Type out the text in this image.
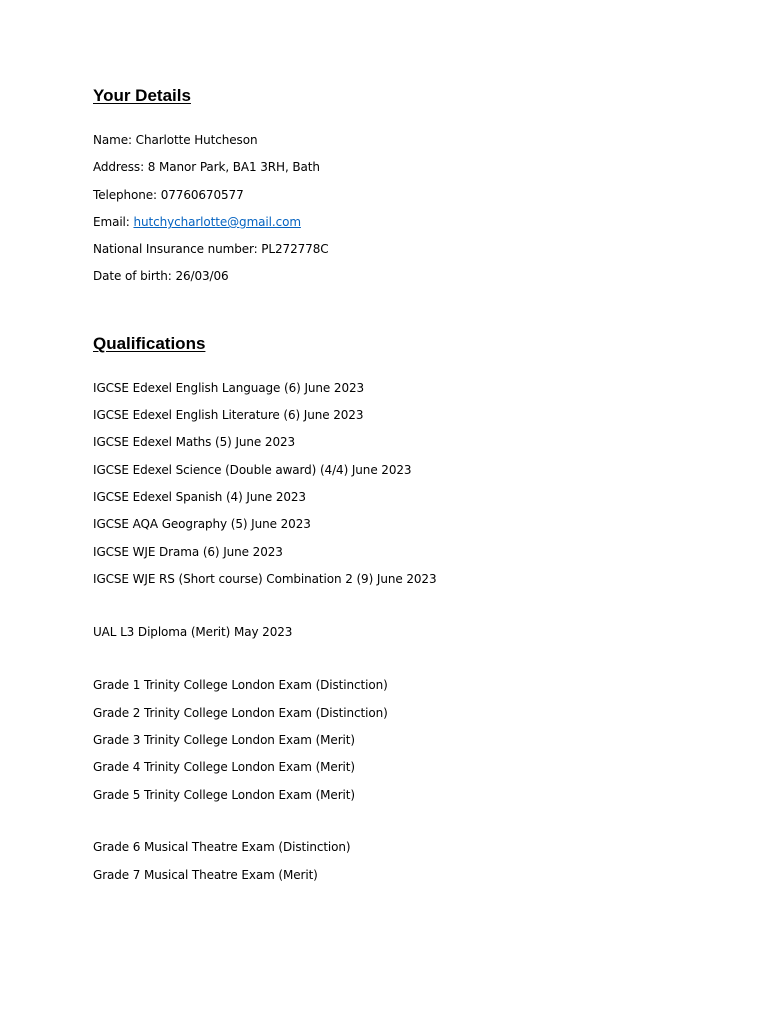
Your Details

Name: Charlotte Hutcheson

Address: 8 Manor Park, BA1 3RH, Bath

Telephone: 07760670577

Email: hutchycharlotte@gmail.com

National Insurance number: PL272778C

Date of birth: 26/03/06

Qualifications

IGCSE Edexel English Language (6) June 2023

IGCSE Edexel English Literature (6) June 2023

IGCSE Edexel Maths (5) June 2023

IGCSE Edexel Science (Double award) (4/4) June 2023

IGCSE Edexel Spanish (4) June 2023

IGCSE AQA Geography (5) June 2023

IGCSE WJE Drama (6) June 2023

IGCSE WJE RS (Short course) Combination 2 (9) June 2023

UAL L3 Diploma (Merit) May 2023

Grade 1 Trinity College London Exam (Distinction)

Grade 2 Trinity College London Exam (Distinction)

Grade 3 Trinity College London Exam (Merit)

Grade 4 Trinity College London Exam (Merit)

Grade 5 Trinity College London Exam (Merit)

Grade 6 Musical Theatre Exam (Distinction)

Grade 7 Musical Theatre Exam (Merit)
